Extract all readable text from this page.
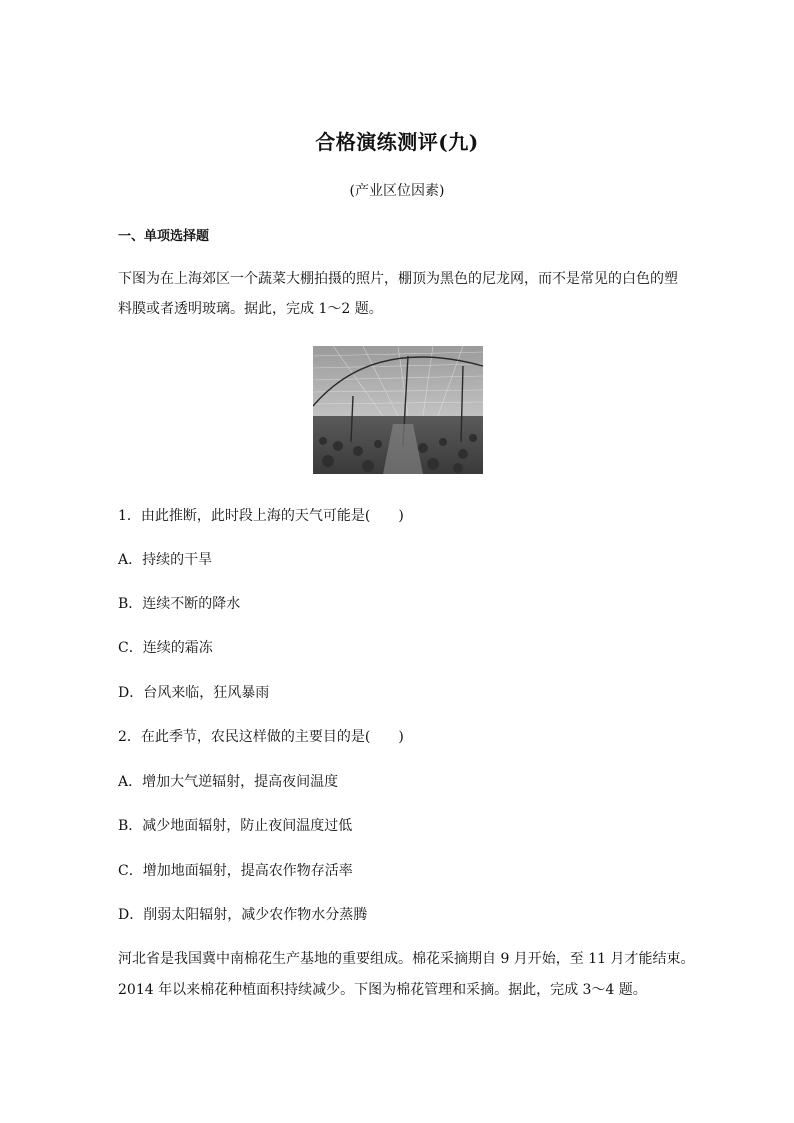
合格演练测评(九)
(产业区位因素)
一、单项选择题
下图为在上海郊区一个蔬菜大棚拍摄的照片，棚顶为黑色的尼龙网，而不是常见的白色的塑
料膜或者透明玻璃。据此，完成 1～2 题。
1．由此推断，此时段上海的天气可能是(　　)
A．持续的干旱
B．连续不断的降水
C．连续的霜冻
D．台风来临，狂风暴雨
2．在此季节，农民这样做的主要目的是(　　)
A．增加大气逆辐射，提高夜间温度
B．减少地面辐射，防止夜间温度过低
C．增加地面辐射，提高农作物存活率
D．削弱太阳辐射，减少农作物水分蒸腾
河北省是我国冀中南棉花生产基地的重要组成。棉花采摘期自 9 月开始，至 11 月才能结束。
2014 年以来棉花种植面积持续减少。下图为棉花管理和采摘。据此，完成 3～4 题。
